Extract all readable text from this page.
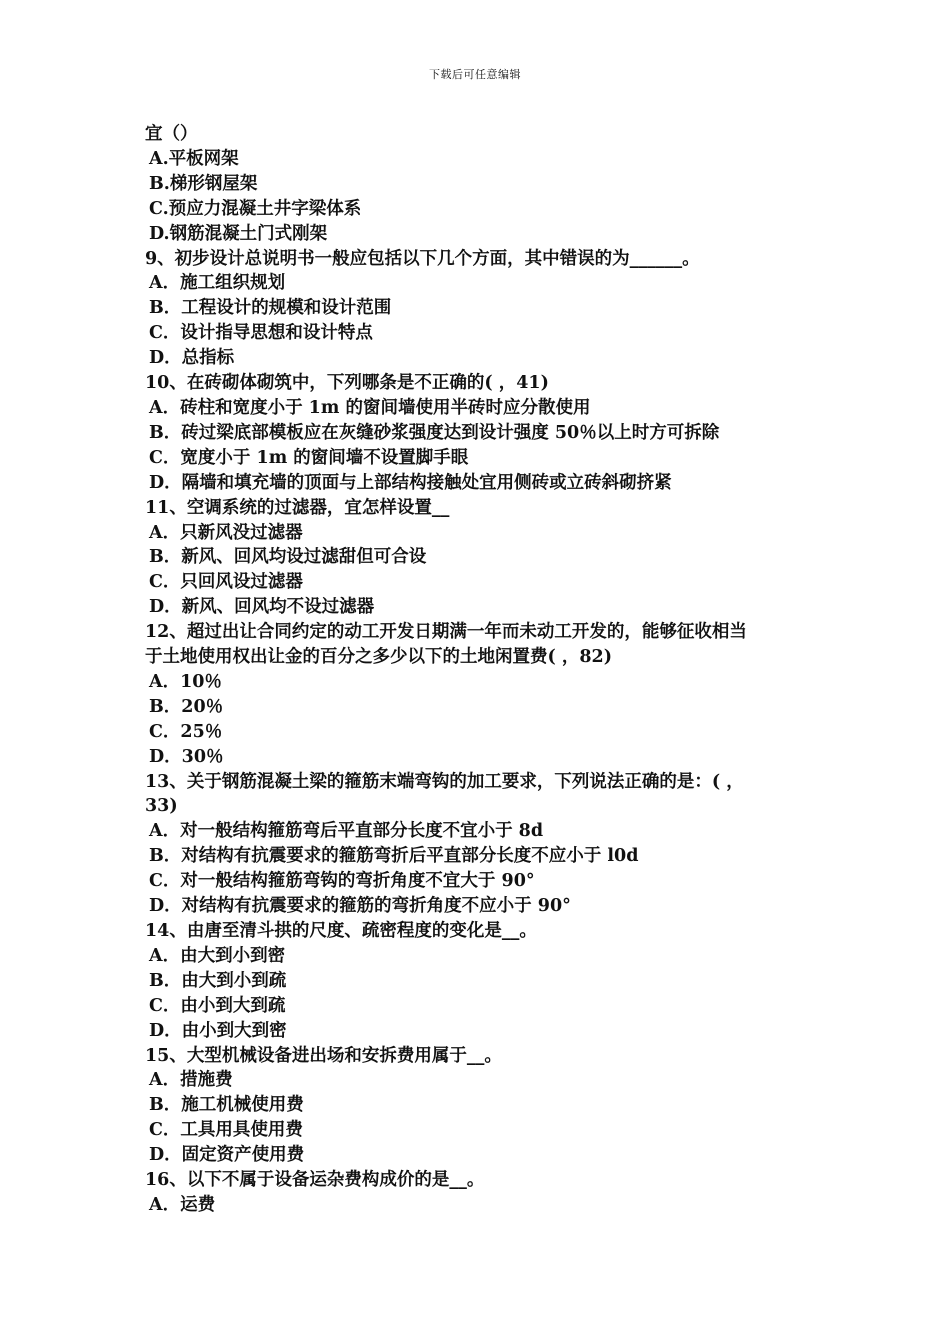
下载后可任意编辑
宜（）
A.平板网架
B.梯形钢屋架
C.预应力混凝土井字梁体系
D.钢筋混凝土门式刚架
9、初步设计总说明书一般应包括以下几个方面，其中错误的为______。
A．施工组织规划
B．工程设计的规模和设计范围
C．设计指导思想和设计特点
D．总指标
10、在砖砌体砌筑中，下列哪条是不正确的( ，41)
A．砖柱和宽度小于 1m 的窗间墙使用半砖时应分散使用
B．砖过梁底部模板应在灰缝砂浆强度达到设计强度 50％以上时方可拆除
C．宽度小于 1m 的窗间墙不设置脚手眼
D．隔墙和填充墙的顶面与上部结构接触处宜用侧砖或立砖斜砌挤紧
11、空调系统的过滤器，宜怎样设置__
A．只新风没过滤器
B．新风、回风均设过滤甜但可合设
C．只回风设过滤器
D．新风、回风均不设过滤器
12、超过出让合同约定的动工开发日期满一年而未动工开发的，能够征收相当
于土地使用权出让金的百分之多少以下的土地闲置费( ，82)
A．10％
B．20％
C．25％
D．30％
13、关于钢筋混凝土梁的箍筋末端弯钩的加工要求，下列说法正确的是：( ，
33)
A．对一般结构箍筋弯后平直部分长度不宜小于 8d
B．对结构有抗震要求的箍筋弯折后平直部分长度不应小于 l0d
C．对一般结构箍筋弯钩的弯折角度不宜大于 90°
D．对结构有抗震要求的箍筋的弯折角度不应小于 90°
14、由唐至清斗拱的尺度、疏密程度的变化是__。
A．由大到小到密
B．由大到小到疏
C．由小到大到疏
D．由小到大到密
15、大型机械设备进出场和安拆费用属于__。
A．措施费
B．施工机械使用费
C．工具用具使用费
D．固定资产使用费
16、以下不属于设备运杂费构成价的是__。
A．运费
